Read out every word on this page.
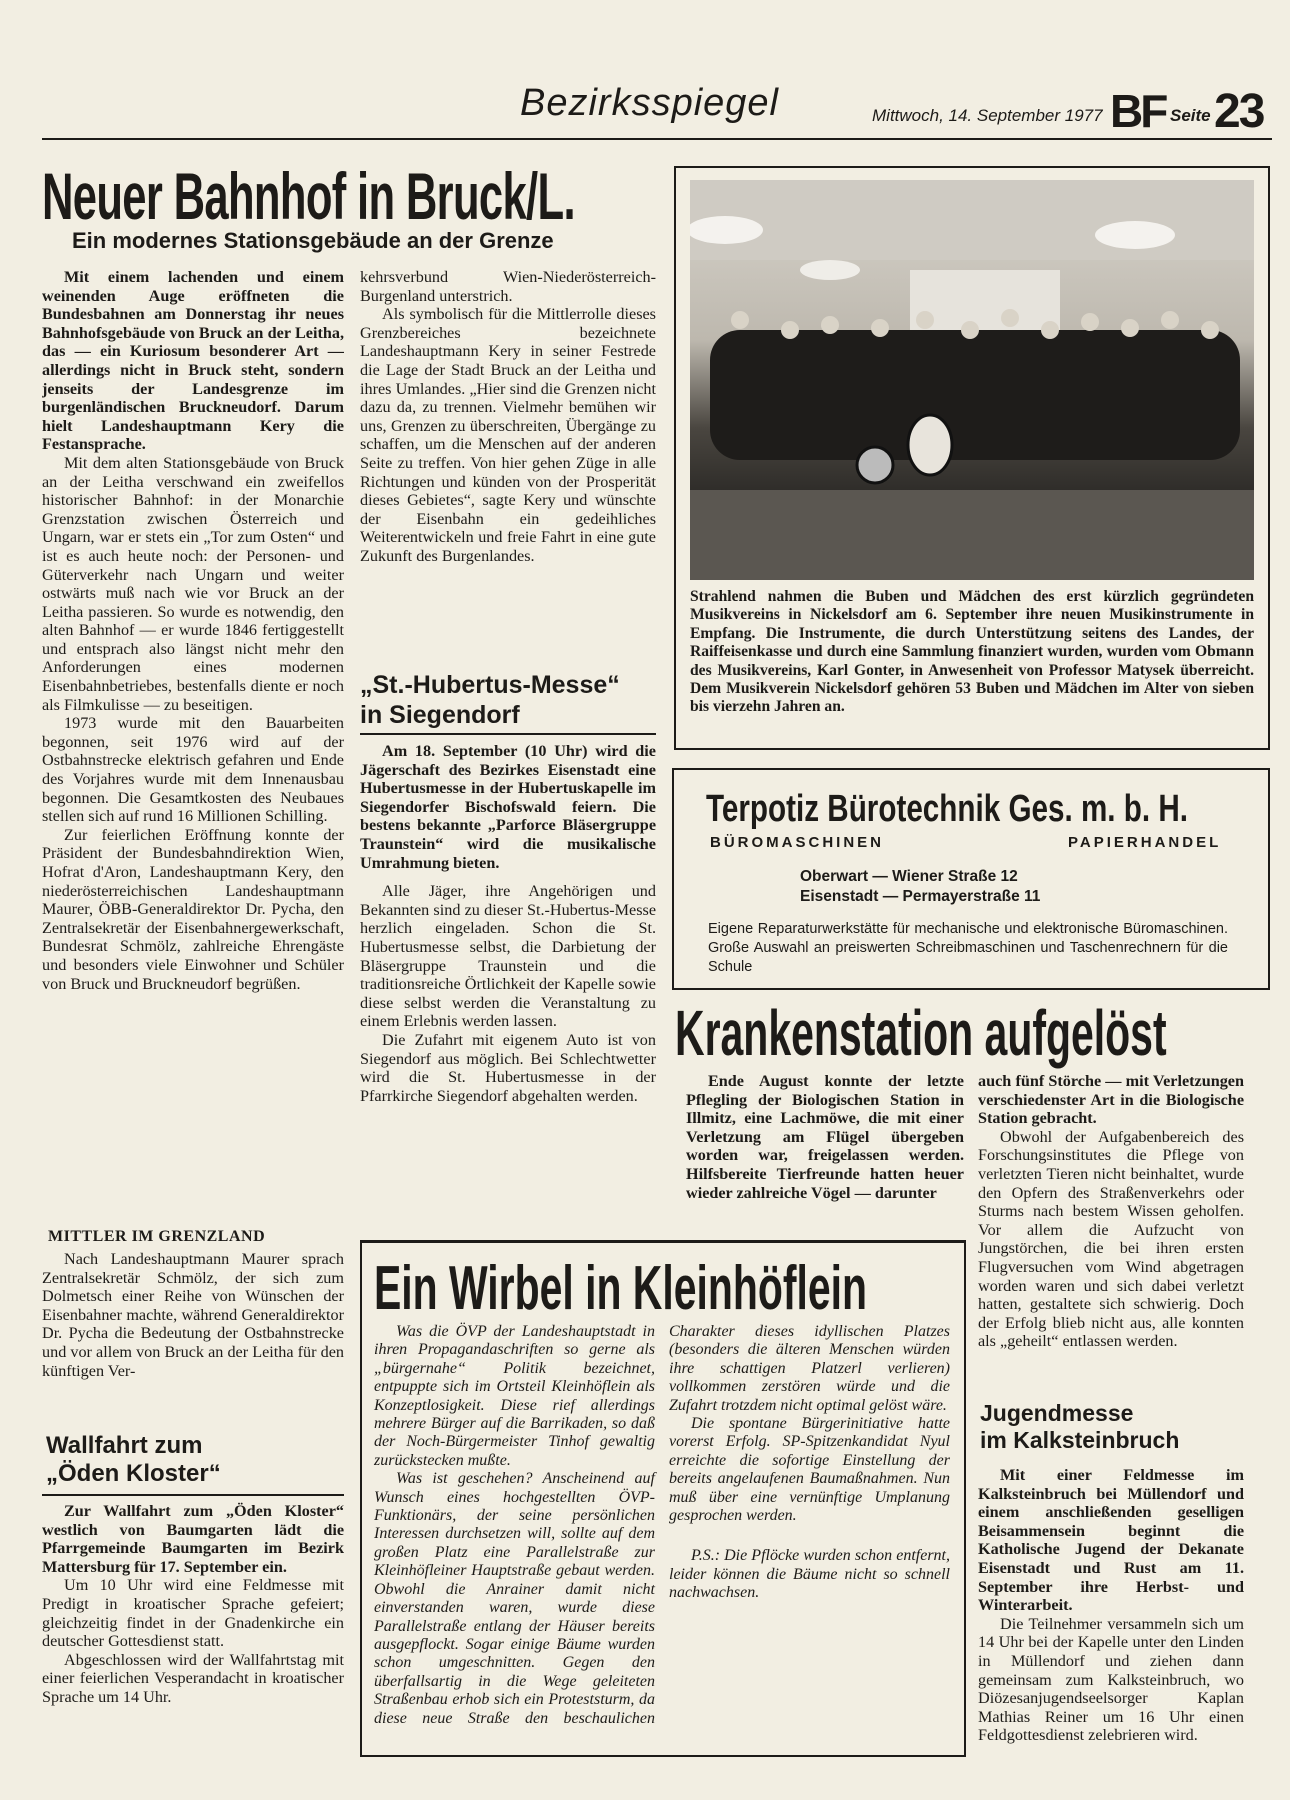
Bezirksspiegel	Mittwoch, 14. September 1977 BF Seite 23
Neuer Bahnhof in Bruck/L.
Ein modernes Stationsgebäude an der Grenze

Mit einem lachenden und einem weinenden Auge eröffneten die Bundesbahnen am Donnerstag ihr neues Bahnhofsgebäude von Bruck an der Leitha, das — ein Kuriosum besonderer Art — allerdings nicht in Bruck steht, sondern jenseits der Landesgrenze im burgenländischen Bruckneudorf. Darum hielt Landeshauptmann Kery die Festansprache.

Mit dem alten Stationsgebäude von Bruck an der Leitha verschwand ein zweifellos historischer Bahnhof: in der Monarchie Grenzstation zwischen Österreich und Ungarn, war er stets ein „Tor zum Osten“ und ist es auch heute noch: der Personen- und Güterverkehr nach Ungarn und weiter ostwärts muß nach wie vor Bruck an der Leitha passieren. So wurde es notwendig, den alten Bahnhof — er wurde 1846 fertiggestellt und entsprach also längst nicht mehr den Anforderungen eines modernen Eisenbahnbetriebes, bestenfalls diente er noch als Filmkulisse — zu beseitigen.

1973 wurde mit den Bauarbeiten begonnen, seit 1976 wird auf der Ostbahnstrecke elektrisch gefahren und Ende des Vorjahres wurde mit dem Innenausbau begonnen. Die Gesamtkosten des Neubaues stellen sich auf rund 16 Millionen Schilling.

Zur feierlichen Eröffnung konnte der Präsident der Bundesbahndirektion Wien, Hofrat d'Aron, Landeshauptmann Kery, den niederösterreichischen Landeshauptmann Maurer, ÖBB-Generaldirektor Dr. Pycha, den Zentralsekretär der Eisenbahnergewerkschaft, Bundesrat Schmölz, zahlreiche Ehrengäste und besonders viele Einwohner und Schüler von Bruck und Bruckneudorf begrüßen.

MITTLER IM GRENZLAND

Nach Landeshauptmann Maurer sprach Zentralsekretär Schmölz, der sich zum Dolmetsch einer Reihe von Wünschen der Eisenbahner machte, während Generaldirektor Dr. Pycha die Bedeutung der Ostbahnstrecke und vor allem von Bruck an der Leitha für den künftigen Ver-

kehrsverbund Wien-Niederösterreich-Burgenland unterstrich.

Als symbolisch für die Mittlerrolle dieses Grenzbereiches bezeichnete Landeshauptmann Kery in seiner Festrede die Lage der Stadt Bruck an der Leitha und ihres Umlandes. „Hier sind die Grenzen nicht dazu da, zu trennen. Vielmehr bemühen wir uns, Grenzen zu überschreiten, Übergänge zu schaffen, um die Menschen auf der anderen Seite zu treffen. Von hier gehen Züge in alle Richtungen und künden von der Prosperität dieses Gebietes“, sagte Kery und wünschte der Eisenbahn ein gedeihliches Weiterentwickeln und freie Fahrt in eine gute Zukunft des Burgenlandes.

Wallfahrt zum
„Öden Kloster“

Zur Wallfahrt zum „Öden Kloster“ westlich von Baumgarten lädt die Pfarrgemeinde Baumgarten im Bezirk Mattersburg für 17. September ein.

Um 10 Uhr wird eine Feldmesse mit Predigt in kroatischer Sprache gefeiert; gleichzeitig findet in der Gnadenkirche ein deutscher Gottesdienst statt.

Abgeschlossen wird der Wallfahrtstag mit einer feierlichen Vesperandacht in kroatischer Sprache um 14 Uhr.

„St.-Hubertus-Messe“
in Siegendorf

Am 18. September (10 Uhr) wird die Jägerschaft des Bezirkes Eisenstadt eine Hubertusmesse in der Hubertuskapelle im Siegendorfer Bischofswald feiern. Die bestens bekannte „Parforce Bläsergruppe Traunstein“ wird die musikalische Umrahmung bieten.

Alle Jäger, ihre Angehörigen und Bekannten sind zu dieser St.-Hubertus-Messe herzlich eingeladen. Schon die St. Hubertusmesse selbst, die Darbietung der Bläsergruppe Traunstein und die traditionsreiche Örtlichkeit der Kapelle sowie diese selbst werden die Veranstaltung zu einem Erlebnis werden lassen.

Die Zufahrt mit eigenem Auto ist von Siegendorf aus möglich. Bei Schlechtwetter wird die St. Hubertusmesse in der Pfarrkirche Siegendorf abgehalten werden.

Strahlend nahmen die Buben und Mädchen des erst kürzlich gegründeten Musikvereins in Nickelsdorf am 6. September ihre neuen Musikinstrumente in Empfang. Die Instrumente, die durch Unterstützung seitens des Landes, der Raiffeisenkasse und durch eine Sammlung finanziert wurden, wurden vom Obmann des Musikvereins, Karl Gonter, in Anwesenheit von Professor Matysek überreicht. Dem Musikverein Nickelsdorf gehören 53 Buben und Mädchen im Alter von sieben bis vierzehn Jahren an.
Terpotiz Bürotechnik Ges. m. b. H.
BÜROMASCHINEN	PAPIERHANDEL
Oberwart — Wiener Straße 12
Eisenstadt — Permayerstraße 11
Eigene Reparaturwerkstätte für mechanische und elektronische Büromaschinen. Große Auswahl an preiswerten Schreibmaschinen und Taschenrechnern für die Schule
Krankenstation aufgelöst

Ende August konnte der letzte Pflegling der Biologischen Station in Illmitz, eine Lachmöwe, die mit einer Verletzung am Flügel übergeben worden war, freigelassen werden. Hilfsbereite Tierfreunde hatten heuer wieder zahlreiche Vögel — darunter

auch fünf Störche — mit Verletzungen verschiedenster Art in die Biologische Station gebracht.

Obwohl der Aufgabenbereich des Forschungsinstitutes die Pflege von verletzten Tieren nicht beinhaltet, wurde den Opfern des Straßenverkehrs oder Sturms nach bestem Wissen geholfen. Vor allem die Aufzucht von Jungstörchen, die bei ihren ersten Flugversuchen vom Wind abgetragen worden waren und sich dabei verletzt hatten, gestaltete sich schwierig. Doch der Erfolg blieb nicht aus, alle konnten als „geheilt“ entlassen werden.

Jugendmesse
im Kalksteinbruch

Mit einer Feldmesse im Kalksteinbruch bei Müllendorf und einem anschließenden geselligen Beisammensein beginnt die Katholische Jugend der Dekanate Eisenstadt und Rust am 11. September ihre Herbst- und Winterarbeit.

Die Teilnehmer versammeln sich um 14 Uhr bei der Kapelle unter den Linden in Müllendorf und ziehen dann gemeinsam zum Kalksteinbruch, wo Diözesanjugendseelsorger Kaplan Mathias Reiner um 16 Uhr einen Feldgottesdienst zelebrieren wird.

Ein Wirbel in Kleinhöflein

Was die ÖVP der Landeshauptstadt in ihren Propagandaschriften so gerne als „bürgernahe“ Politik bezeichnet, entpuppte sich im Ortsteil Kleinhöflein als Konzeptlosigkeit. Diese rief allerdings mehrere Bürger auf die Barrikaden, so daß der Noch-Bürgermeister Tinhof gewaltig zurückstecken mußte.

Was ist geschehen? Anscheinend auf Wunsch eines hochgestellten ÖVP-Funktionärs, der seine persönlichen Interessen durchsetzen will, sollte auf dem großen Platz eine Parallelstraße zur Kleinhöfleiner Hauptstraße gebaut werden. Obwohl die Anrainer damit nicht einverstanden waren, wurde diese Parallelstraße entlang der Häuser bereits ausgepflockt. Sogar einige Bäume wurden schon umgeschnitten. Gegen den überfallsartig in die Wege geleiteten Straßenbau erhob sich ein Proteststurm, da diese neue Straße den beschaulichen Charakter dieses idyllischen Platzes (besonders die älteren Menschen würden ihre schattigen Platzerl verlieren) vollkommen zerstören würde und die Zufahrt trotzdem nicht optimal gelöst wäre.

Die spontane Bürgerinitiative hatte vorerst Erfolg. SP-Spitzenkandidat Nyul erreichte die sofortige Einstellung der bereits angelaufenen Baumaßnahmen. Nun muß über eine vernünftige Umplanung gesprochen werden.

P.S.: Die Pflöcke wurden schon entfernt, leider können die Bäume nicht so schnell nachwachsen.
